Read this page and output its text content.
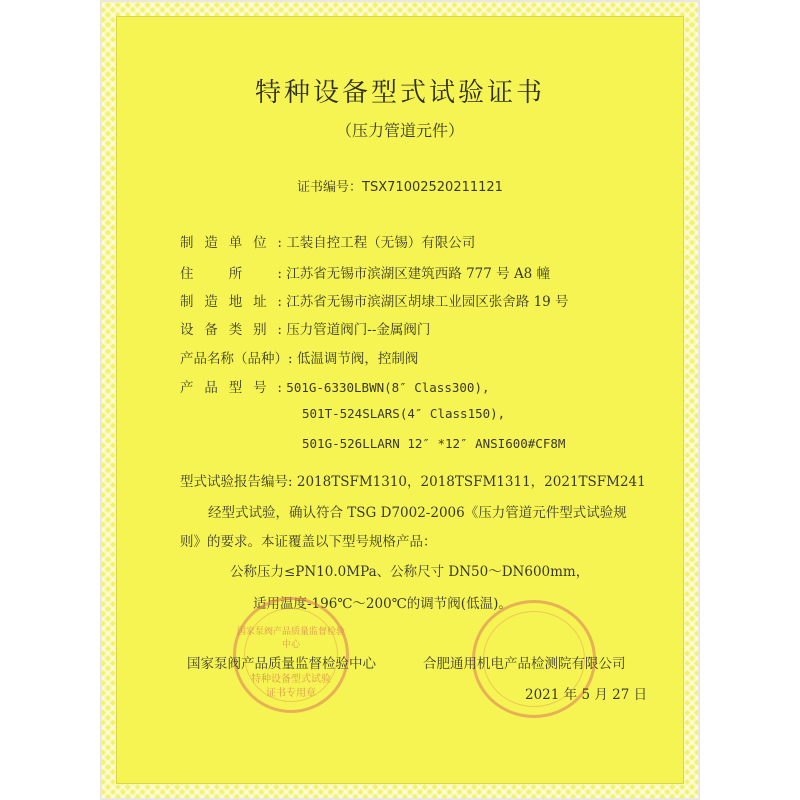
特种设备型式试验证书
（压力管道元件）
证书编号：TSX71002520211121
制造单位: 工装自控工程（无锡）有限公司
住所: 江苏省无锡市滨湖区建筑西路 777 号 A8 幢
制造地址: 江苏省无锡市滨湖区胡埭工业园区张舍路 19 号
设备类别: 压力管道阀门--金属阀门
产品名称（品种）: 低温调节阀，控制阀
产品型号: 501G-6330LBWN(8″ Class300),
501T-524SLARS(4″ Class150),
501G-526LLARN 12″ *12″ ANSI600#CF8M
型式试验报告编号: 2018TSFM1310，2018TSFM1311，2021TSFM241
经型式试验，确认符合 TSG D7002-2006《压力管道元件型式试验规
则》的要求。本证覆盖以下型号规格产品：
公称压力≤PN10.0MPa、公称尺寸 DN50～DN600mm，
适用温度-196℃～200℃的调节阀(低温)。
国家泵阀产品质量监督检验中心
特种设备型式试验
证书专用章
国家泵阀产品质量监督检验中心	合肥通用机电产品检测院有限公司
2021 年 5 月 27 日
